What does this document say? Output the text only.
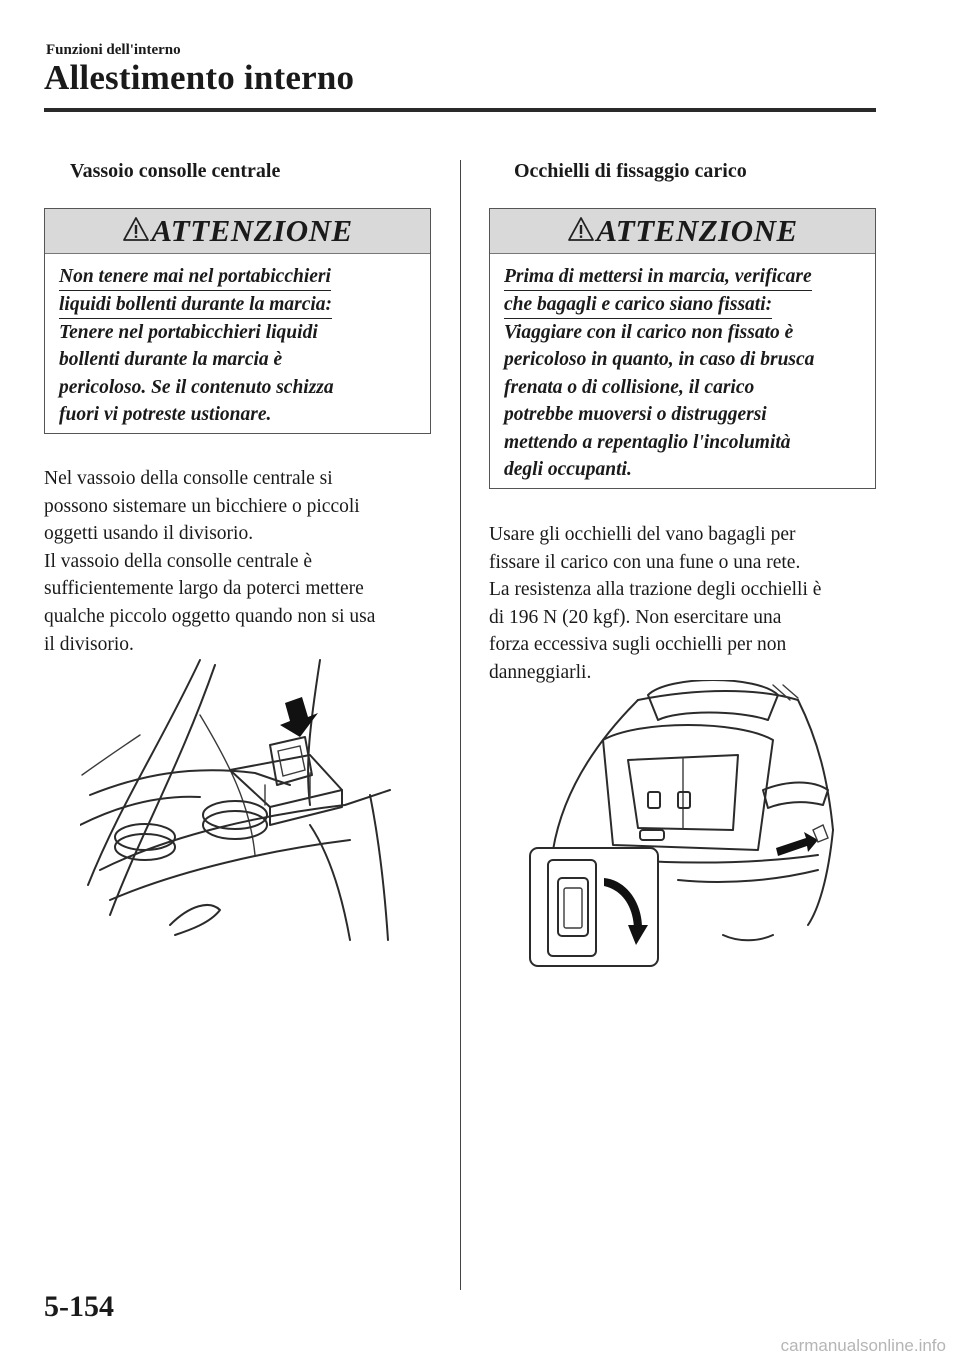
Funzioni dell'interno
Allestimento interno
Vassoio consolle centrale
ATTENZIONE
Non tenere mai nel portabicchieri
liquidi bollenti durante la marcia:
Tenere nel portabicchieri liquidi
bollenti durante la marcia è
pericoloso. Se il contenuto schizza
fuori vi potreste ustionare.
Nel vassoio della consolle centrale si
possono sistemare un bicchiere o piccoli
oggetti usando il divisorio.
Il vassoio della consolle centrale è
sufficientemente largo da poterci mettere
qualche piccolo oggetto quando non si usa
il divisorio.
Occhielli di fissaggio carico
ATTENZIONE
Prima di mettersi in marcia, verificare
che bagagli e carico siano fissati:
Viaggiare con il carico non fissato è
pericoloso in quanto, in caso di brusca
frenata o di collisione, il carico
potrebbe muoversi o distruggersi
mettendo a repentaglio l'incolumità
degli occupanti.
Usare gli occhielli del vano bagagli per
fissare il carico con una fune o una rete.
La resistenza alla trazione degli occhielli è
di 196 N (20 kgf). Non esercitare una
forza eccessiva sugli occhielli per non
danneggiarli.
5-154
carmanualsonline.info
